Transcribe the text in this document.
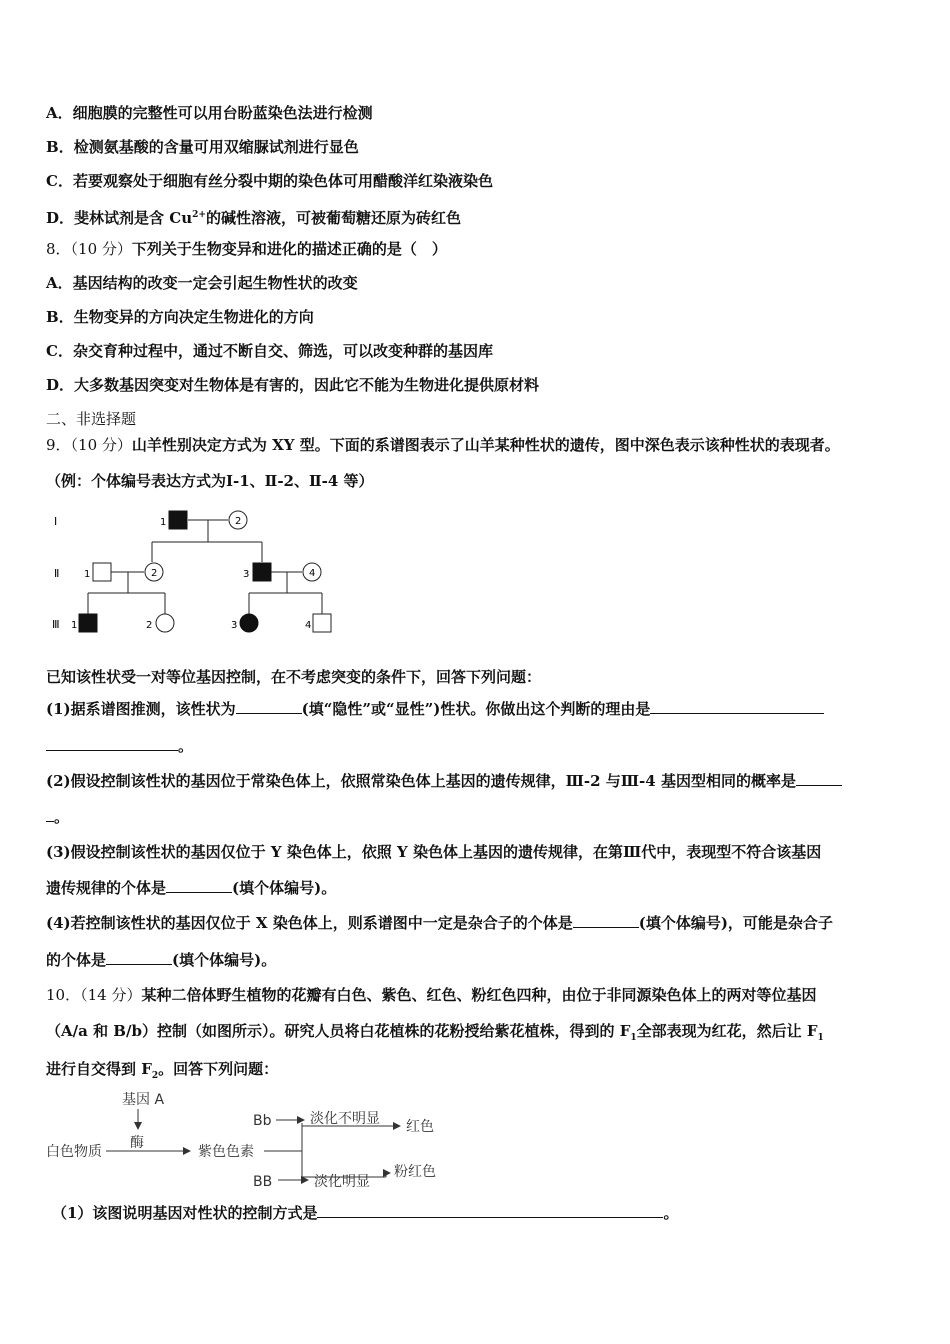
A．细胞膜的完整性可以用台盼蓝染色法进行检测
B．检测氨基酸的含量可用双缩脲试剂进行显色
C．若要观察处于细胞有丝分裂中期的染色体可用醋酸洋红染液染色
D．斐林试剂是含 $Cu^{2+}$的碱性溶液，可被葡萄糖还原为砖红色
8．（10 分）下列关于生物变异和进化的描述正确的是（　）
A．基因结构的改变一定会引起生物性状的改变
B．生物变异的方向决定生物进化的方向
C．杂交育种过程中，通过不断自交、筛选，可以改变种群的基因库
D．大多数基因突变对生物体是有害的，因此它不能为生物进化提供原材料
二、非选择题
9．（10 分）山羊性别决定方式为 XY 型。下面的系谱图表示了山羊某种性状的遗传，图中深色表示该种性状的表现者。
（例：个体编号表达方式为Ⅰ-1、Ⅱ-2、Ⅱ-4 等）
Ⅰ
Ⅱ
Ⅲ
1	2
1	2	3	4
1	2	3	4
已知该性状受一对等位基因控制，在不考虑突变的条件下，回答下列问题：
(1)据系谱图推测，该性状为	(填“隐性”或“显性”)性状。你做出这个判断的理由是
。
(2)假设控制该性状的基因位于常染色体上，依照常染色体上基因的遗传规律，Ⅲ-2 与Ⅲ-4 基因型相同的概率是
。
(3)假设控制该性状的基因仅位于 Y 染色体上，依照 Y 染色体上基因的遗传规律，在第Ⅲ代中，表现型不符合该基因
遗传规律的个体是	(填个体编号)。
(4)若控制该性状的基因仅位于 X 染色体上，则系谱图中一定是杂合子的个体是	(填个体编号)，可能是杂合子
的个体是	(填个体编号)。
10．（14 分）某种二倍体野生植物的花瓣有白色、紫色、红色、粉红色四种，由位于非同源染色体上的两对等位基因
（A/a 和 B/b）控制（如图所示）。研究人员将白花植株的花粉授给紫花植株，得到的 $F_1$全部表现为红花，然后让 $F_1$
进行自交得到 $F_2$。回答下列问题：
基因 A
酶
白色物质	紫色色素
Bb	淡化不明显 红色
BB	淡化明显
粉红色
（1）该图说明基因对性状的控制方式是	。
